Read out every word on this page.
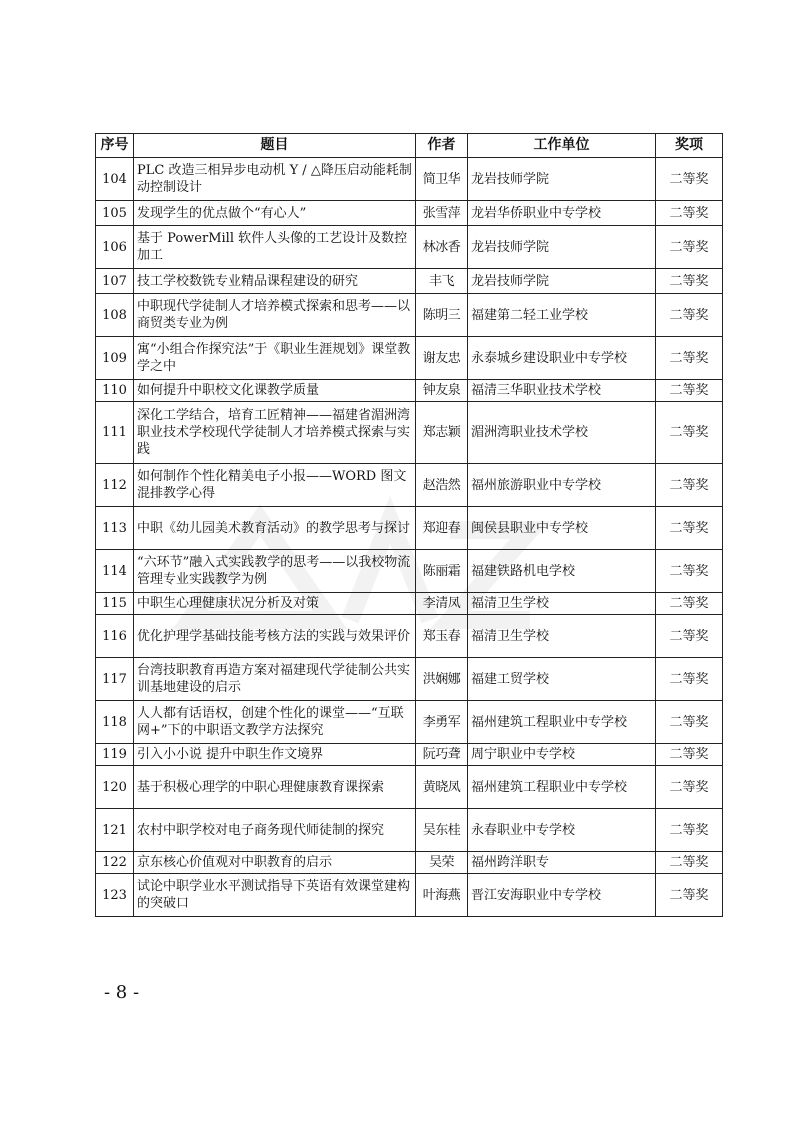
序号	题目	作者	工作单位	奖项
104	PLC 改造三相异步电动机 Y / △降压启动能耗制动控制设计	简卫华	龙岩技师学院	二等奖
105	发现学生的优点做个“有心人”	张雪萍	龙岩华侨职业中专学校	二等奖
106	基于 PowerMill 软件人头像的工艺设计及数控加工	林冰香	龙岩技师学院	二等奖
107	技工学校数铣专业精品课程建设的研究	丰飞	龙岩技师学院	二等奖
108	中职现代学徒制人才培养模式探索和思考——以商贸类专业为例	陈明三	福建第二轻工业学校	二等奖
109	寓“小组合作探究法”于《职业生涯规划》课堂教学之中	谢友忠	永泰城乡建设职业中专学校	二等奖
110	如何提升中职校文化课教学质量	钟友泉	福清三华职业技术学校	二等奖
111	深化工学结合，培育工匠精神——福建省湄洲湾职业技术学校现代学徒制人才培养模式探索与实践	郑志颖	湄洲湾职业技术学校	二等奖
112	如何制作个性化精美电子小报——WORD 图文混排教学心得	赵浩然	福州旅游职业中专学校	二等奖
113	中职《幼儿园美术教育活动》的教学思考与探讨	郑迎春	闽侯县职业中专学校	二等奖
114	“六环节”融入式实践教学的思考——以我校物流管理专业实践教学为例	陈丽霜	福建铁路机电学校	二等奖
115	中职生心理健康状况分析及对策	李清凤	福清卫生学校	二等奖
116	优化护理学基础技能考核方法的实践与效果评价	郑玉春	福清卫生学校	二等奖
117	台湾技职教育再造方案对福建现代学徒制公共实训基地建设的启示	洪娴娜	福建工贸学校	二等奖
118	人人都有话语权，创建个性化的课堂——“互联网+”下的中职语文教学方法探究	李勇军	福州建筑工程职业中专学校	二等奖
119	引入小小说 提升中职生作文境界	阮巧聋	周宁职业中专学校	二等奖
120	基于积极心理学的中职心理健康教育课探索	黄晓凤	福州建筑工程职业中专学校	二等奖
121	农村中职学校对电子商务现代师徒制的探究	吴东桂	永春职业中专学校	二等奖
122	京东核心价值观对中职教育的启示	吴荣	福州跨洋职专	二等奖
123	试论中职学业水平测试指导下英语有效课堂建构的突破口	叶海燕	晋江安海职业中专学校	二等奖
- 8 -
